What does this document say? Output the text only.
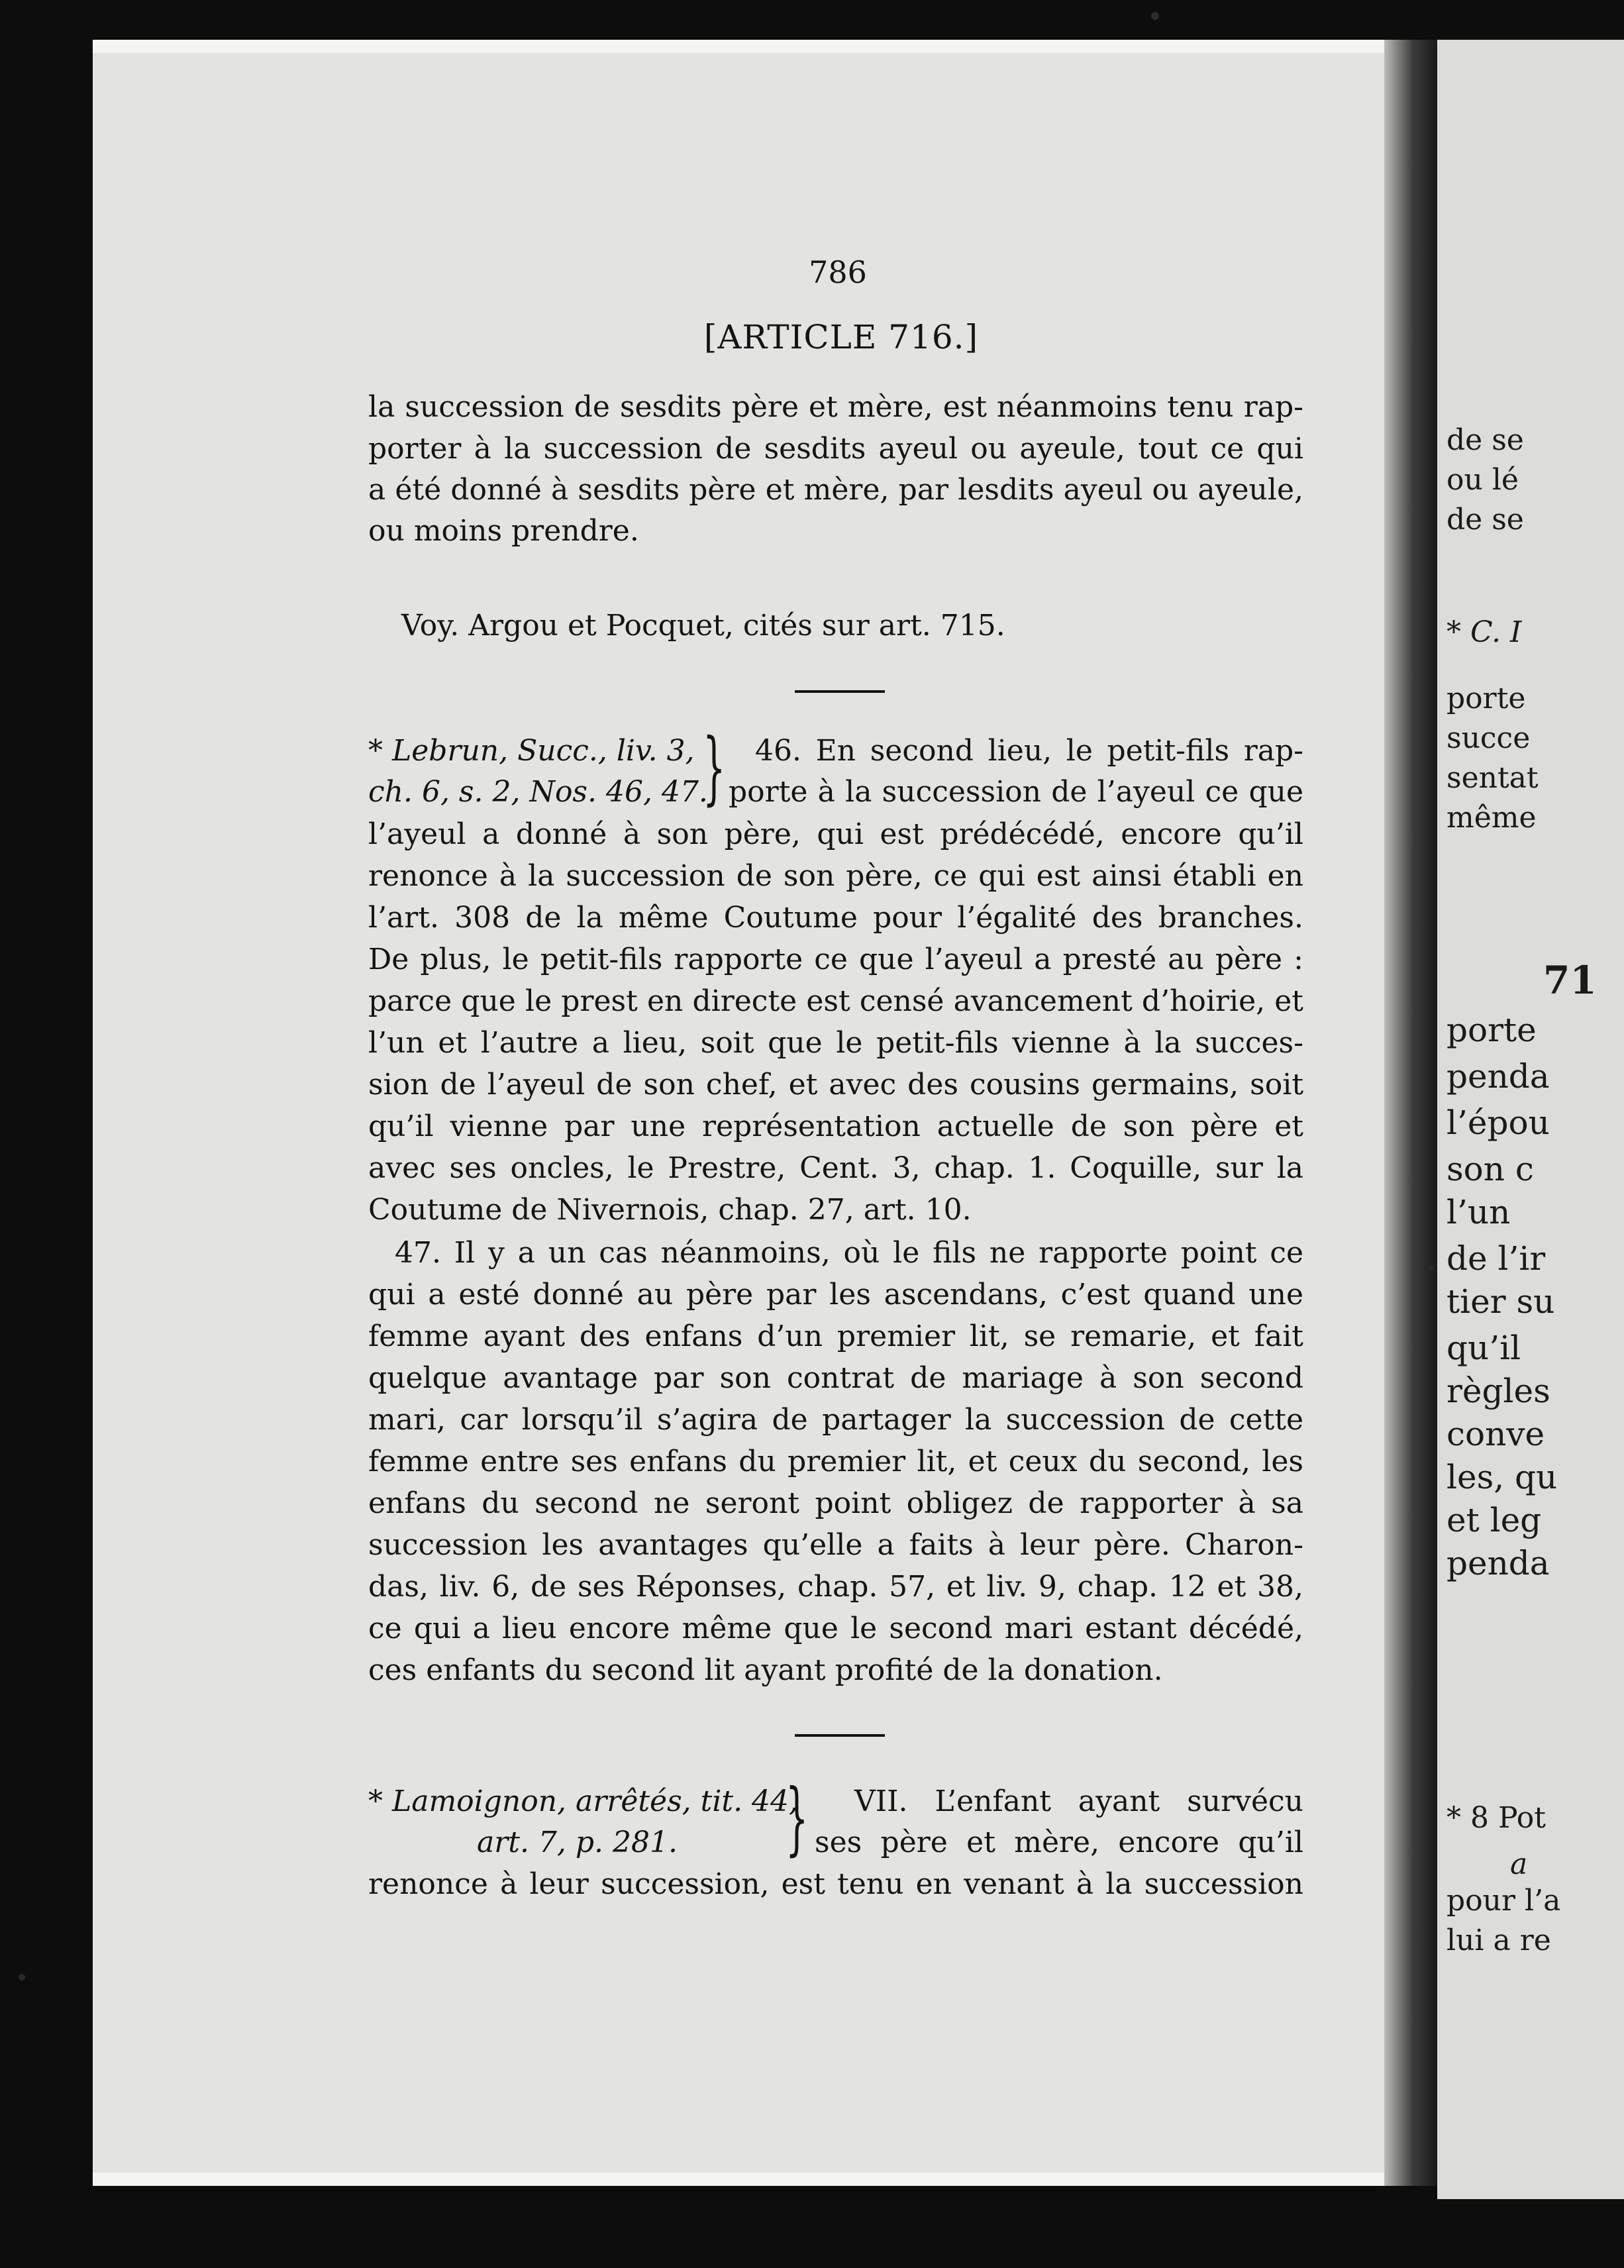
de se
ou lé
de se
* C. I
porte
succe
sentat
même
71
porte
penda
l’épou
son c
l’un
de l’ir
tier su
qu’il
règles
conve
les, qu
et leg
penda
* 8 Pot
a
pour l’a
lui a re
786
[ARTICLE 716.]
la succession de sesdits père et mère, est néanmoins tenu rap-
porter à la succession de sesdits ayeul ou ayeule, tout ce qui
a été donné à sesdits père et mère, par lesdits ayeul ou ayeule,
ou moins prendre.
Voy. Argou et Pocquet, cités sur art. 715.
* Lebrun, Succ., liv. 3,
ch. 6, s. 2, Nos. 46, 47.
} 46. En second lieu, le petit-fils rap-
porte à la succession de l’ayeul ce que
l’ayeul a donné à son père, qui est prédécédé, encore qu’il
renonce à la succession de son père, ce qui est ainsi établi en
l’art. 308 de la même Coutume pour l’égalité des branches.
De plus, le petit-fils rapporte ce que l’ayeul a presté au père :
parce que le prest en directe est censé avancement d’hoirie, et
l’un et l’autre a lieu, soit que le petit-fils vienne à la succes-
sion de l’ayeul de son chef, et avec des cousins germains, soit
qu’il vienne par une représentation actuelle de son père et
avec ses oncles, le Prestre, Cent. 3, chap. 1. Coquille, sur la
Coutume de Nivernois, chap. 27, art. 10.
47. Il y a un cas néanmoins, où le fils ne rapporte point ce
qui a esté donné au père par les ascendans, c’est quand une
femme ayant des enfans d’un premier lit, se remarie, et fait
quelque avantage par son contrat de mariage à son second
mari, car lorsqu’il s’agira de partager la succession de cette
femme entre ses enfans du premier lit, et ceux du second, les
enfans du second ne seront point obligez de rapporter à sa
succession les avantages qu’elle a faits à leur père. Charon-
das, liv. 6, de ses Réponses, chap. 57, et liv. 9, chap. 12 et 38,
ce qui a lieu encore même que le second mari estant décédé,
ces enfants du second lit ayant profité de la donation.
* Lamoignon, arrêtés, tit. 44,
art. 7, p. 281. } VII. L’enfant ayant survécu
ses père et mère, encore qu’il
renonce à leur succession, est tenu en venant à la succession
